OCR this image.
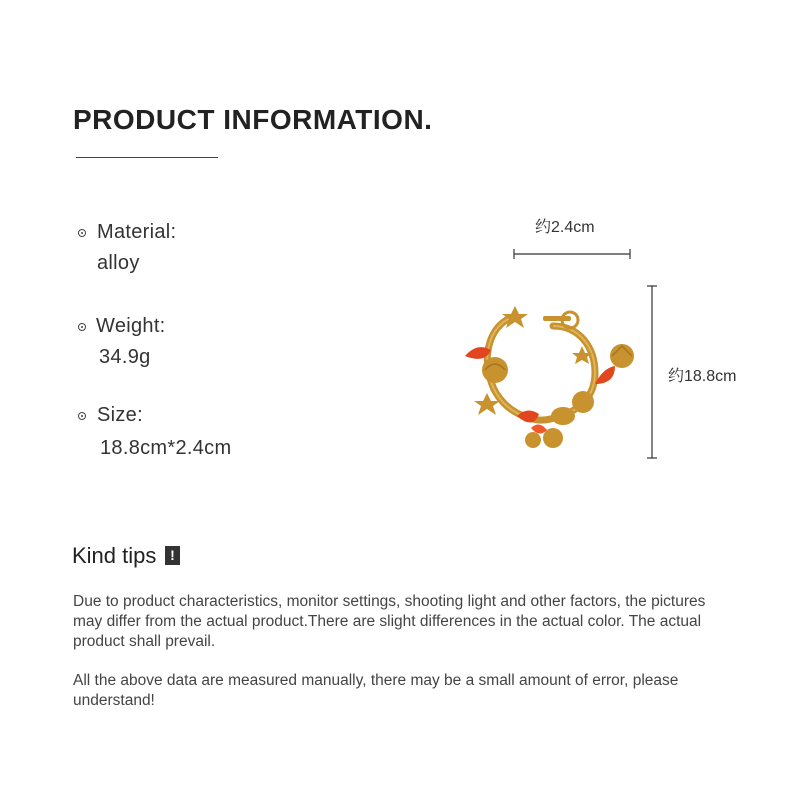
PRODUCT INFORMATION.
Material:
alloy
Weight:
34.9g
Size:
18.8cm*2.4cm
约2.4cm
约18.8cm
Kind tips !
Due to product characteristics, monitor settings, shooting light and other factors, the pictures may differ from the actual product.There are slight differences in the actual color. The actual product shall prevail.
All the above data are measured manually, there may be a small amount of error, please understand!
